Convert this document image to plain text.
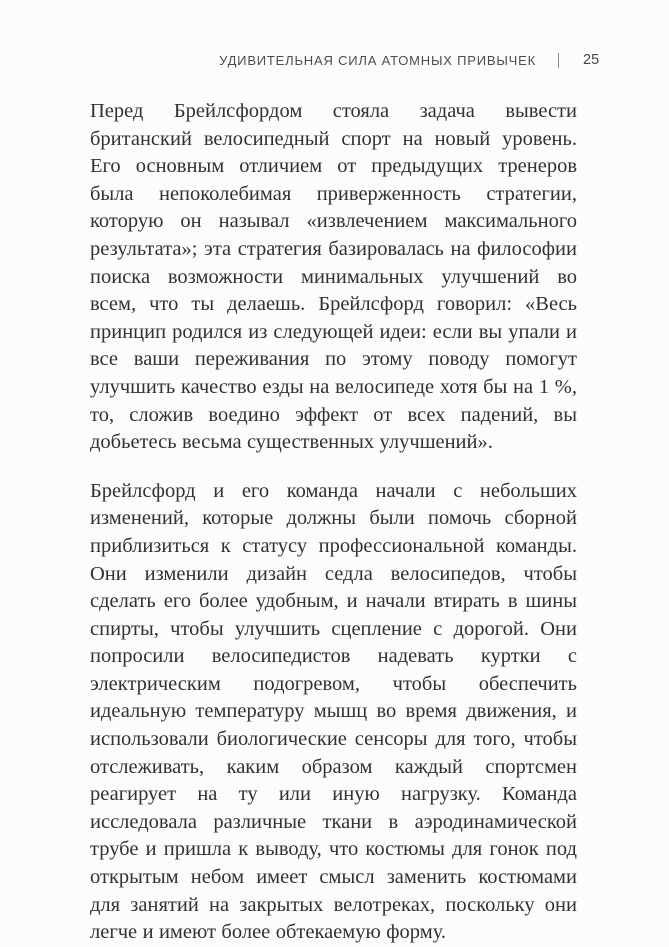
УДИВИТЕЛЬНАЯ СИЛА АТОМНЫХ ПРИВЫЧЕК	25

Перед Брейлсфордом стояла задача вывести британский велосипедный спорт на новый уровень. Его основным отличием от предыдущих тренеров была непоколебимая приверженность стратегии, которую он называл «извлечением максимального результата»; эта стратегия базировалась на философии поиска возможности минимальных улучшений во всем, что ты делаешь. Брейлсфорд говорил: «Весь принцип родился из следующей идеи: если вы упали и все ваши переживания по этому поводу помогут улучшить качество езды на велосипеде хотя бы на 1 %, то, сложив воедино эффект от всех падений, вы добьетесь весьма существенных улучшений».

Брейлсфорд и его команда начали с небольших изменений, которые должны были помочь сборной приблизиться к статусу профессиональной команды. Они изменили дизайн седла велосипедов, чтобы сделать его более удобным, и начали втирать в шины спирты, чтобы улучшить сцепление с дорогой. Они попросили велосипедистов надевать куртки с электрическим подогревом, чтобы обеспечить идеальную температуру мышц во время движения, и использовали биологические сенсоры для того, чтобы отслеживать, каким образом каждый спортсмен реагирует на ту или иную нагрузку. Команда исследовала различные ткани в аэродинамической трубе и пришла к выводу, что костюмы для гонок под открытым небом имеет смысл заменить костюмами для занятий на закрытых велотреках, поскольку они легче и имеют более обтекаемую форму.
